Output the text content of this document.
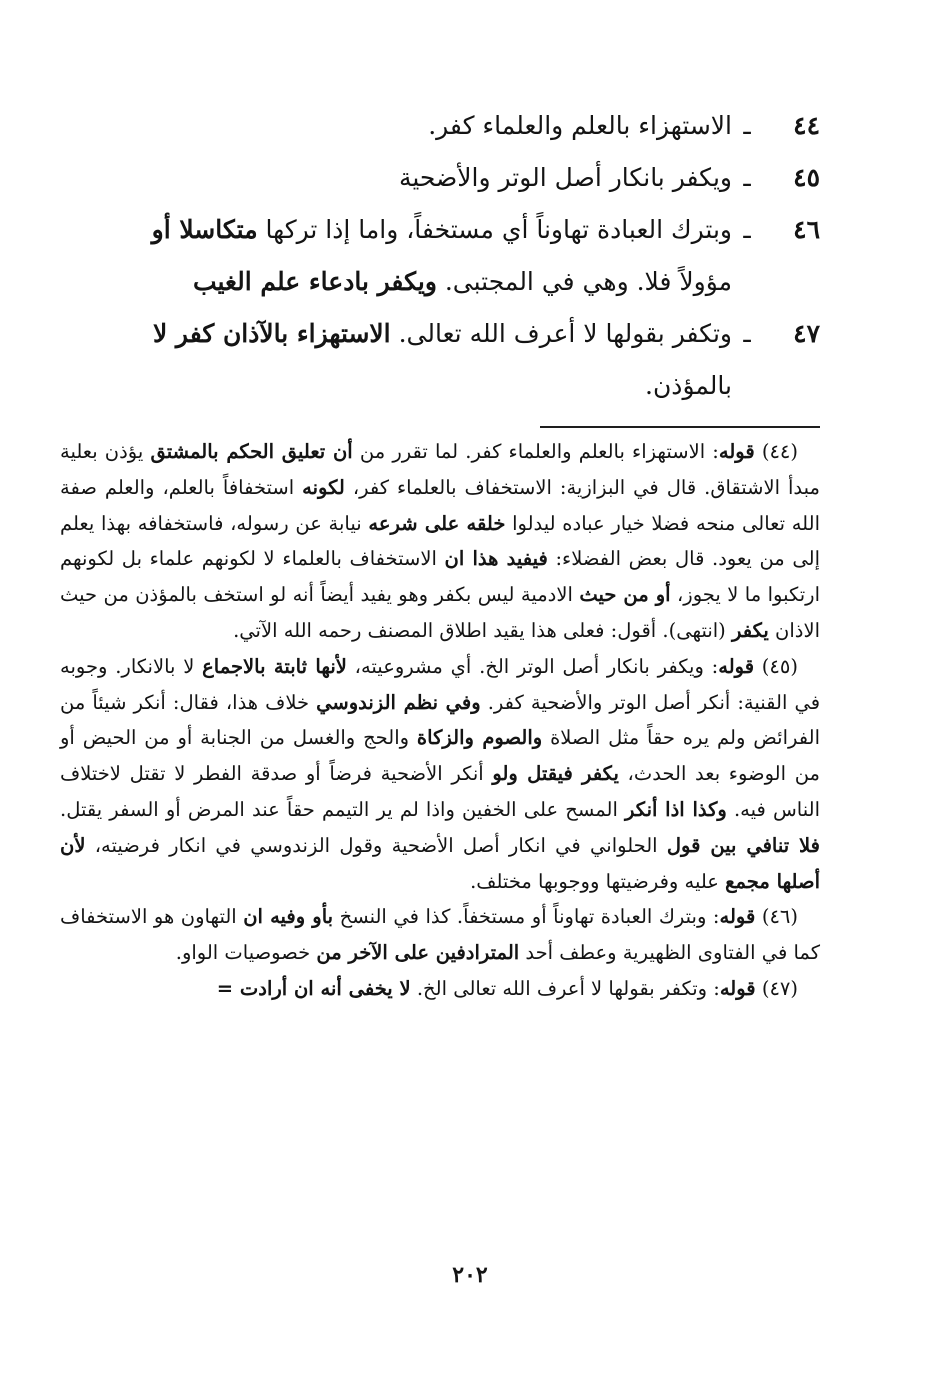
٤٤
ـ
الاستهزاء بالعلم والعلماء كفر.
٤٥
ـ
ويكفر بانكار أصل الوتر والأضحية
٤٦
ـ
وبترك العبادة تهاوناً أي مستخفاً، واما إذا تركها متكاسلا أو
مؤولاً فلا. وهي في المجتبى. ويكفر بادعاء علم الغيب
٤٧
ـ
وتكفر بقولها لا أعرف الله تعالى. الاستهزاء بالآذان كفر لا
بالمؤذن.

(٤٤) قوله: الاستهزاء بالعلم والعلماء كفر. لما تقرر من أن تعليق الحكم بالمشتق يؤذن بعلية مبدأ الاشتقاق. قال في البزازية: الاستخفاف بالعلماء كفر، لكونه استخفافاً بالعلم، والعلم صفة الله تعالى منحه فضلا خيار عباده ليدلوا خلقه على شرعه نيابة عن رسوله، فاستخفافه بهذا يعلم إلى من يعود. قال بعض الفضلاء: فيفيد هذا ان الاستخفاف بالعلماء لا لكونهم علماء بل لكونهم ارتكبوا ما لا يجوز، أو من حيث الادمية ليس بكفر وهو يفيد أيضاً أنه لو استخف بالمؤذن من حيث الاذان يكفر (انتهى). أقول: فعلى هذا يقيد اطلاق المصنف رحمه الله الآتي.

(٤٥) قوله: ويكفر بانكار أصل الوتر الخ. أي مشروعيته، لأنها ثابتة بالاجماع لا بالانكار. وجوبه في القنية: أنكر أصل الوتر والأضحية كفر. وفي نظم الزندوسي خلاف هذا، فقال: أنكر شيئاً من الفرائض ولم يره حقاً مثل الصلاة والصوم والزكاة والحج والغسل من الجنابة أو من الحيض أو من الوضوء بعد الحدث، يكفر فيقتل ولو أنكر الأضحية فرضاً أو صدقة الفطر لا تقتل لاختلاف الناس فيه. وكذا اذا أنكر المسح على الخفين واذا لم ير التيمم حقاً عند المرض أو السفر يقتل. فلا تنافي بين قول الحلواني في انكار أصل الأضحية وقول الزندوسي في انكار فرضيته، لأن أصلها مجمع عليه وفرضيتها ووجوبها مختلف.

(٤٦) قوله: وبترك العبادة تهاوناً أو مستخفاً. كذا في النسخ بأو وفيه ان التهاون هو الاستخفاف كما في الفتاوى الظهيرية وعطف أحد المترادفين على الآخر من خصوصيات الواو.

(٤٧) قوله: وتكفر بقولها لا أعرف الله تعالى الخ. لا يخفى أنه ان أرادت =

٢٠٢
